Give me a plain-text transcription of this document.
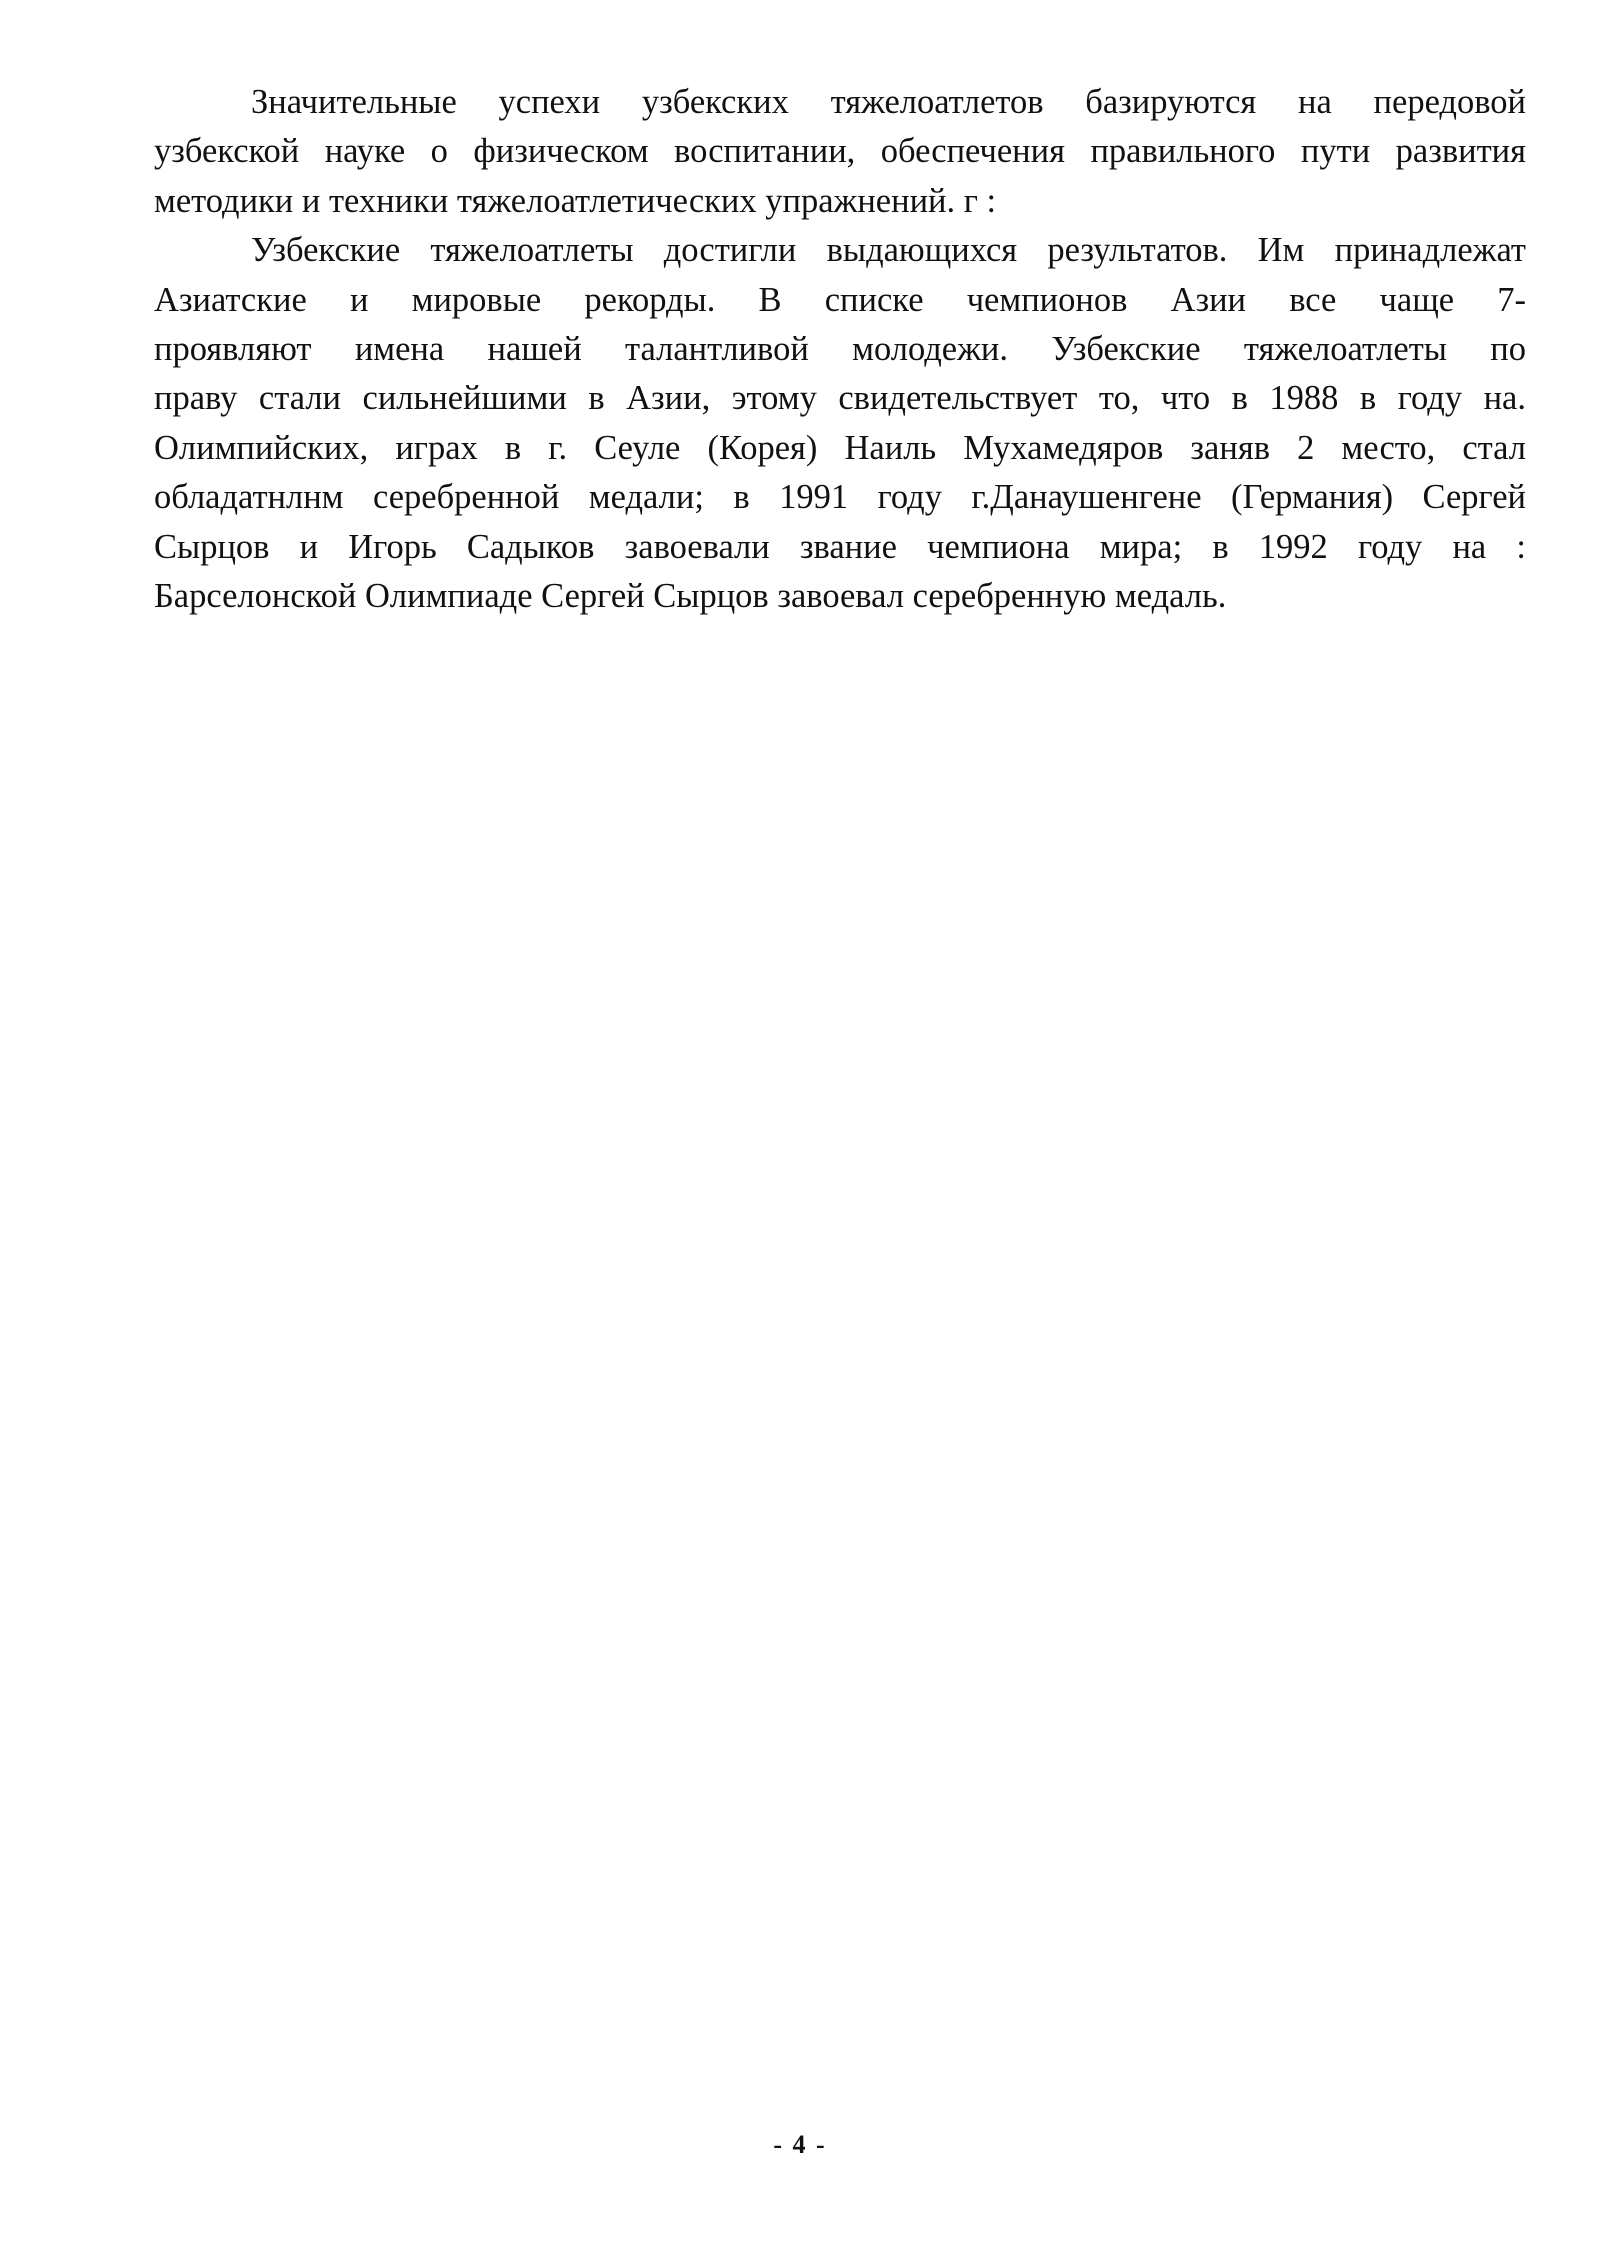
Значительные успехи узбекских тяжелоатлетов базируются на передовой
узбекской науке о физическом воспитании, обеспечения правильного пути развития
методики и техники тяжелоатлетических упражнений. г :
Узбекские тяжелоатлеты достигли выдающихся результатов. Им принадлежат
Азиатские и мировые рекорды. В списке чемпионов Азии все чаще 7-
проявляют имена нашей талантливой молодежи. Узбекские тяжелоатлеты по
праву стали сильнейшими в Азии, этому свидетельствует то, что в 1988 в году на.
Олимпийских, играх в г. Сеуле (Корея) Наиль Мухамедяров заняв 2 место, стал
обладатнлнм серебренной медали; в 1991 году г.Данаушенгене (Германия) Сергей
Сырцов и Игорь Садыков завоевали звание чемпиона мира; в 1992 году на :
Барселонской Олимпиаде Сергей Сырцов завоевал серебренную медаль.
- 4 -
